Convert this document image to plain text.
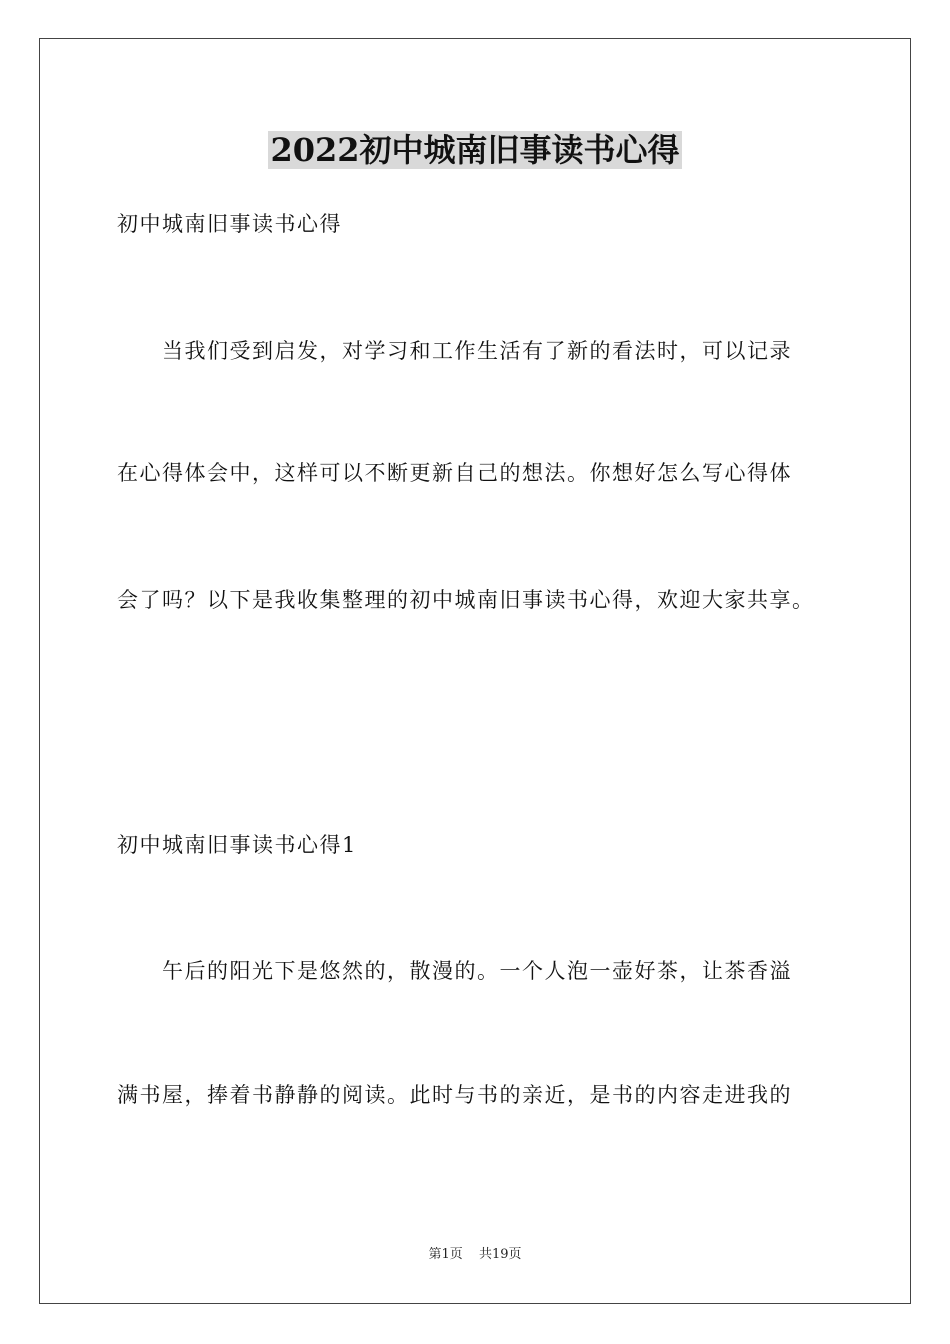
2022初中城南旧事读书心得
初中城南旧事读书心得
　　当我们受到启发，对学习和工作生活有了新的看法时，可以记录
在心得体会中，这样可以不断更新自己的想法。你想好怎么写心得体
会了吗？以下是我收集整理的初中城南旧事读书心得，欢迎大家共享。
初中城南旧事读书心得1
　　午后的阳光下是悠然的，散漫的。一个人泡一壶好茶，让茶香溢
满书屋，捧着书静静的阅读。此时与书的亲近，是书的内容走进我的
第1页 共19页
